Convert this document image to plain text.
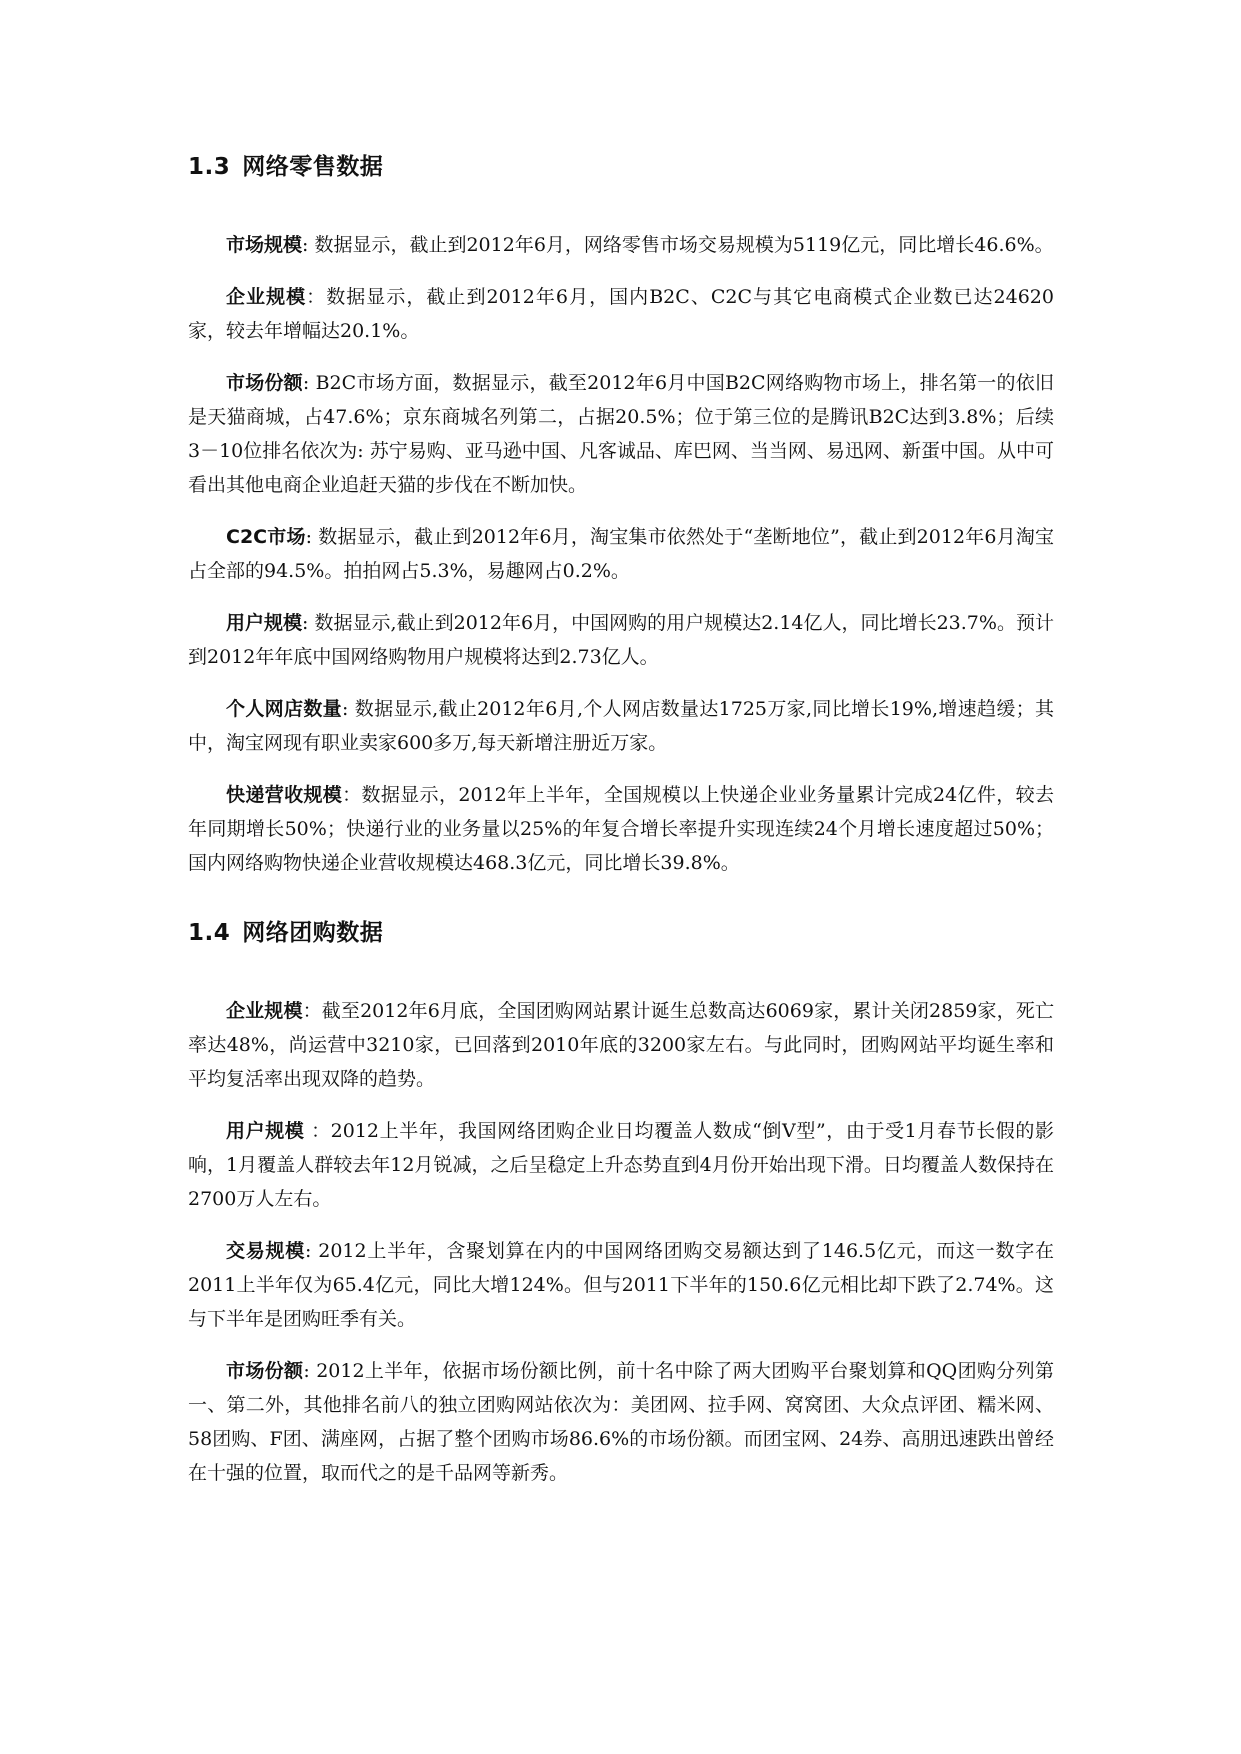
1.3 网络零售数据

市场规模: 数据显示，截止到2012年6月，网络零售市场交易规模为5119亿元，同比增长46.6%。

企业规模：数据显示，截止到2012年6月，国内B2C、C2C与其它电商模式企业数已达24620家，较去年增幅达20.1%。

市场份额: B2C市场方面，数据显示，截至2012年6月中国B2C网络购物市场上，排名第一的依旧是天猫商城，占47.6%；京东商城名列第二，占据20.5%；位于第三位的是腾讯B2C达到3.8%；后续3－10位排名依次为: 苏宁易购、亚马逊中国、凡客诚品、库巴网、当当网、易迅网、新蛋中国。从中可看出其他电商企业追赶天猫的步伐在不断加快。

C2C市场: 数据显示，截止到2012年6月，淘宝集市依然处于“垄断地位”，截止到2012年6月淘宝占全部的94.5%。拍拍网占5.3%，易趣网占0.2%。

用户规模: 数据显示,截止到2012年6月，中国网购的用户规模达2.14亿人，同比增长23.7%。预计到2012年年底中国网络购物用户规模将达到2.73亿人。

个人网店数量: 数据显示,截止2012年6月,个人网店数量达1725万家,同比增长19%,增速趋缓；其中，淘宝网现有职业卖家600多万,每天新增注册近万家。

快递营收规模：数据显示，2012年上半年，全国规模以上快递企业业务量累计完成24亿件，较去年同期增长50%；快递行业的业务量以25%的年复合增长率提升实现连续24个月增长速度超过50%；国内网络购物快递企业营收规模达468.3亿元，同比增长39.8%。

1.4 网络团购数据

企业规模：截至2012年6月底，全国团购网站累计诞生总数高达6069家，累计关闭2859家，死亡率达48%，尚运营中3210家，已回落到2010年底的3200家左右。与此同时，团购网站平均诞生率和平均复活率出现双降的趋势。

用户规模 ：2012上半年，我国网络团购企业日均覆盖人数成“倒V型”，由于受1月春节长假的影响，1月覆盖人群较去年12月锐减，之后呈稳定上升态势直到4月份开始出现下滑。日均覆盖人数保持在2700万人左右。

交易规模: 2012上半年，含聚划算在内的中国网络团购交易额达到了146.5亿元，而这一数字在2011上半年仅为65.4亿元，同比大增124%。但与2011下半年的150.6亿元相比却下跌了2.74%。这与下半年是团购旺季有关。

市场份额: 2012上半年，依据市场份额比例，前十名中除了两大团购平台聚划算和QQ团购分列第一、第二外，其他排名前八的独立团购网站依次为：美团网、拉手网、窝窝团、大众点评团、糯米网、58团购、F团、满座网，占据了整个团购市场86.6%的市场份额。而团宝网、24券、高朋迅速跌出曾经在十强的位置，取而代之的是千品网等新秀。
